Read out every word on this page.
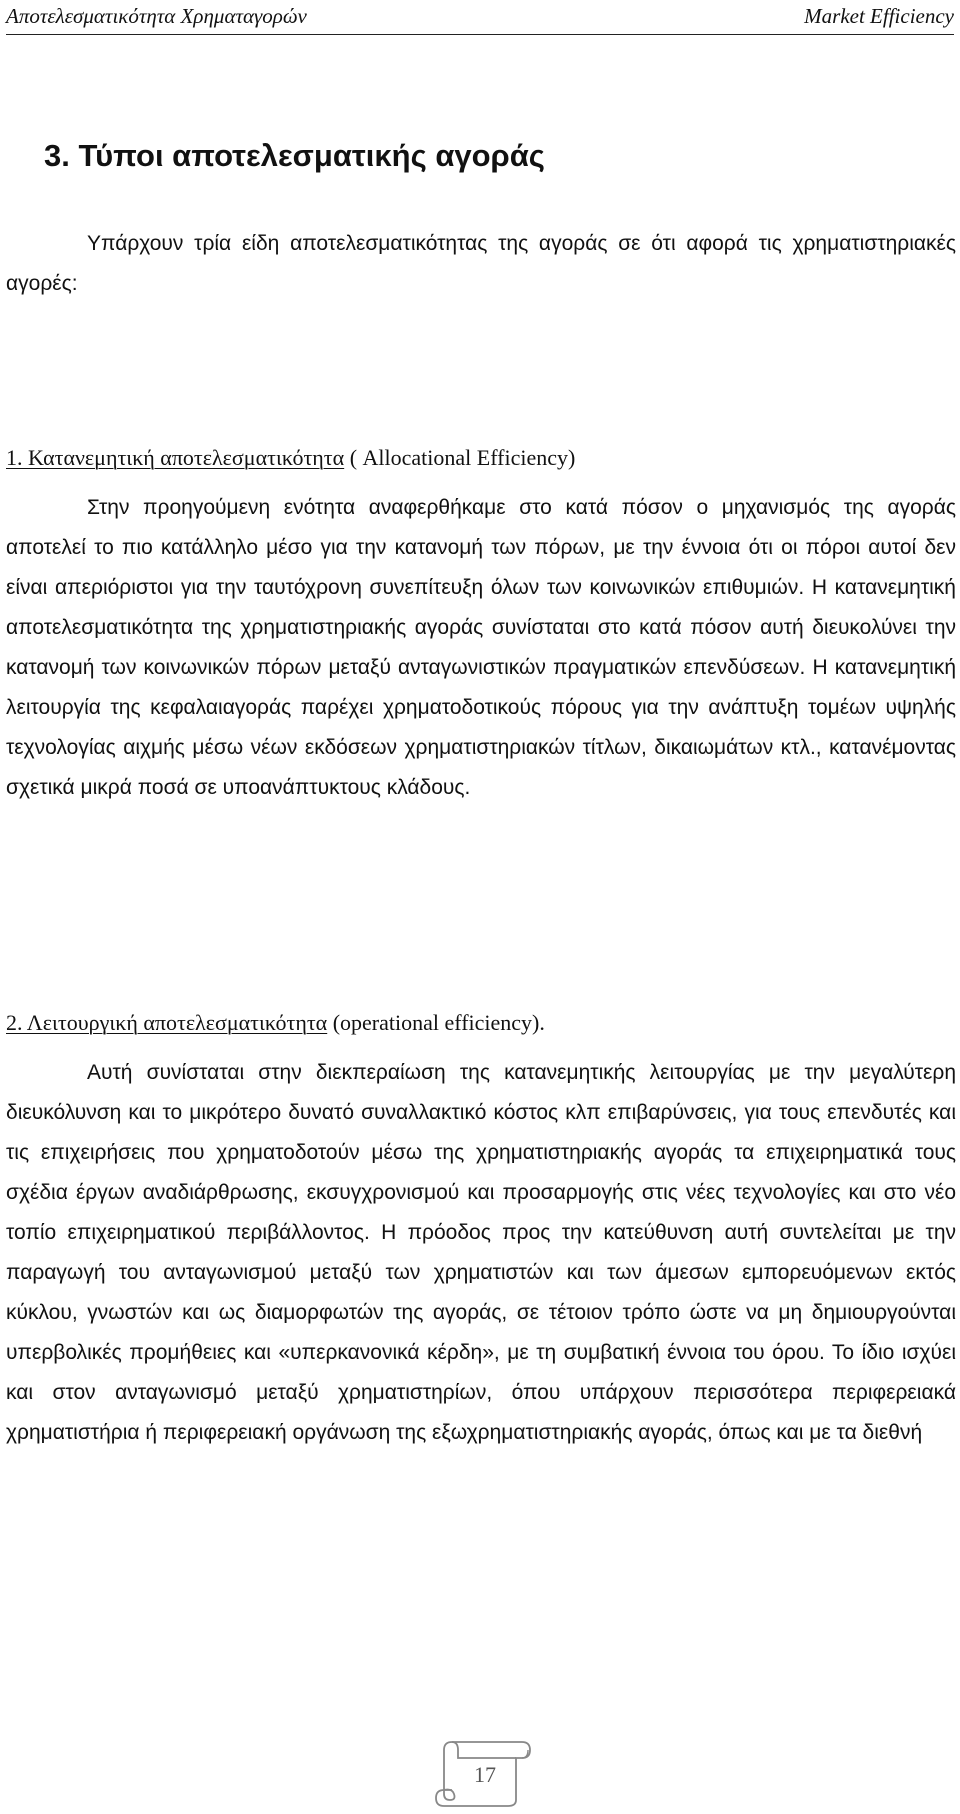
Αποτελεσματικότητα Χρηματαγορών	Market Efficiency
3. Τύποι αποτελεσματικής αγοράς

Υπάρχουν τρία είδη αποτελεσματικότητας της αγοράς σε ότι αφορά τις χρηματιστηριακές αγορές:

1. Κατανεμητική αποτελεσματικότητα ( Allocational Efficiency)

Στην προηγούμενη ενότητα αναφερθήκαμε στο κατά πόσον ο μηχανισμός της αγοράς αποτελεί το πιο κατάλληλο μέσο για την κατανομή των πόρων, με την έννοια ότι οι πόροι αυτοί δεν είναι απεριόριστοι για την ταυτόχρονη συνεπίτευξη όλων των κοινωνικών επιθυμιών. Η κατανεμητική αποτελεσματικότητα της χρηματιστηριακής αγοράς συνίσταται στο κατά πόσον αυτή διευκολύνει την κατανομή των κοινωνικών πόρων μεταξύ ανταγωνιστικών πραγματικών επενδύσεων. Η κατανεμητική λειτουργία της κεφαλαιαγοράς παρέχει χρηματοδοτικούς πόρους για την ανάπτυξη τομέων υψηλής τεχνολογίας αιχμής μέσω νέων εκδόσεων χρηματιστηριακών τίτλων, δικαιωμάτων κτλ., κατανέμοντας σχετικά μικρά ποσά σε υποανάπτυκτους κλάδους.

2. Λειτουργική αποτελεσματικότητα (operational efficiency).

Αυτή συνίσταται στην διεκπεραίωση της κατανεμητικής λειτουργίας με την μεγαλύτερη διευκόλυνση και το μικρότερο δυνατό συναλλακτικό κόστος κλπ επιβαρύνσεις, για τους επενδυτές και τις επιχειρήσεις που χρηματοδοτούν μέσω της χρηματιστηριακής αγοράς τα επιχειρηματικά τους σχέδια έργων αναδιάρθρωσης, εκσυγχρονισμού και προσαρμογής στις νέες τεχνολογίες και στο νέο τοπίο επιχειρηματικού περιβάλλοντος. Η πρόοδος προς την κατεύθυνση αυτή συντελείται με την παραγωγή του ανταγωνισμού μεταξύ των χρηματιστών και των άμεσων εμπορευόμενων εκτός κύκλου, γνωστών και ως διαμορφωτών της αγοράς, σε τέτοιον τρόπο ώστε να μη δημιουργούνται υπερβολικές προμήθειες και «υπερκανονικά κέρδη», με τη συμβατική έννοια του όρου. Το ίδιο ισχύει και στον ανταγωνισμό μεταξύ χρηματιστηρίων, όπου υπάρχουν περισσότερα περιφερειακά χρηματιστήρια ή περιφερειακή οργάνωση της εξωχρηματιστηριακής αγοράς, όπως και με τα διεθνή

17
